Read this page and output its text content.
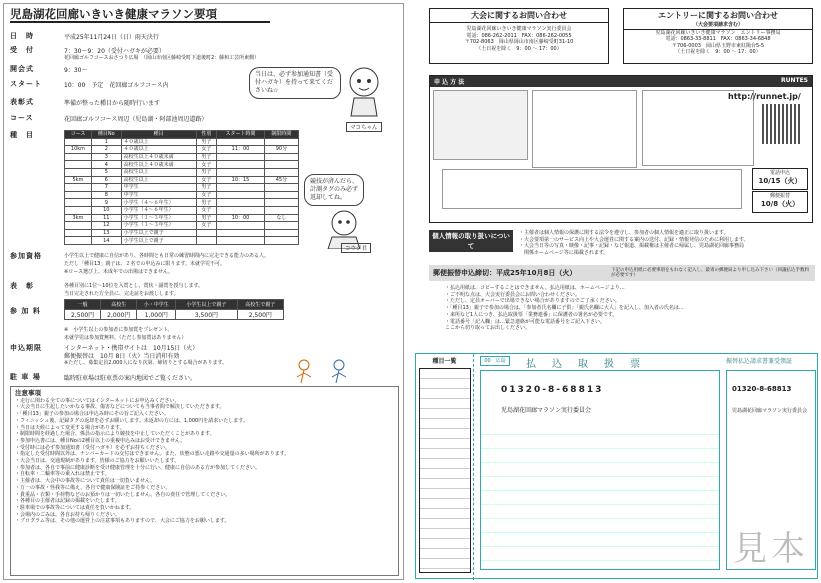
児島湖花回廊いきいき健康マラソン要項
日　時	平成25年11月24日（日）雨天決行
受　付	7：30〜9：20（受付ハガキが必要）
花回廊ゴルフコースおさつり広場　（岡山市南区藤崎受町下道後町2：藤和工芸所東側）
開会式	9：30〜
スタート	10：00　予定　花回廊ゴルフコース内
表彰式	準備が整った種目から随時行います
コース	花回廊ゴルフコース周辺（児島湖・阿部池周辺道路）
種　目
当日は、必ず参加通知書（受付ハガキ）を持って来てくださいね☆
マコちゃん
競技が済んだら、計測タグのみ必ず返却してね。
コウジ君
コース	種目No	種目	性別	スタート時間	制限時間
	1	４０歳以上	男子		
10km	2	４０歳以上	女子	11：00	90分
	3	高校生以上４０歳未満	男子		
	4	高校生以上４０歳未満	女子		
	5	高校生以上	男子		
5km	6	高校生以上	女子	10：15	45分
	7	中学生	男子		
	8	中学生	女子		
	9	小学生（４〜６年生）	男子		
	10	小学生（４〜６年生）	女子		
3km	11	小学生（１〜３年生）	男子	10：00	なし
	12	小学生（１〜３年生）	女子		
	13	小学生以上で親子			
	14	小学生以上で親子			
参加資格	小学生以上で健康に自信があり、各時間とも日常の練習時間内に完走できる能力のある人。
ただし「種目13」親子は、２名での申込みに限ります。未就学児不可。
※ロース選び上、未成年での出場はできません。
表　彰	各種目別に1位〜10位を入賞とし、賞状・副賞を授与します。
当日完走された方全員に、完走証をお渡しします。
参 加 料
一般	高校生	小・中学生	小学生以上で親子	高校生で親子
2,500円	2,000円	1,000円	3,500円	2,500円
※　小学生以上の参加者に参加賞をプレゼント。
未就学児は参加賞無料。（ただし参加賞はありません）
申込期限	インターネット・携帯サイトは　10月15日（火）
郵便振替は　10月 8日（火）当日消印有効
※ただし、募集定員2,000人になり次第、締切りとする場合があります。
駐 車 場	臨時駐車場は駐車票の案内地図でご覧ください。
注意事項
・走行に関わる全ての事についてはインターネットにお申込みください。
・大会当日に生起したいかなる事故、傷害などについても当事者間で解決していただきます。
・「種目13」親子の参加の場合は申込み時にその旨ご記入ください。
・フィニッシュ後、記録タグの返却を必ずお願いします。未返却の方には、1,000円を請求いたします。
・当日は天候によって変更する場合があります。
・制限時間を経過した場合、係員の指示により競技を中止していただくことがあります。
・参加申込書には、種目Noの2種目以上の重複申込みはお受けできません。
・受付時には必ず参加通知書（受付ハガキ）を必ずお持ちください。
・指定した受付時間以外は、ナンバーカードの交付はできません。また、状態の悪い走路や交通量の多い場所があります。
・大会当日は、交通規制があります。皆様のご協力をお願いいたします。
・参加者は、各自で事前に健康診断を受け健康管理を十分に行い、健康に自信のある方が参加してください。
・自転車・二輪車等の乗入れは禁止です。
・主催者は、大会中の事故等について責任は一切負いません。
・万一の事故・怪我等に備え、各自で健康保険証をご持参ください。
・貴重品・衣類・手荷物などのお預かりは一切いたしません。各自の責任で管理してください。
・各種目の主催者は記録の掲載をいたします。
・駐車場での事故等については責任を負いかねます。
・会場内のごみは、各自お持ち帰りください。
・プログラム等は、その他の運営上の注意事項もありますので、大会にご協力をお願いします。
大会に関するお問い合わせ
児島湖花回廊いきいき健康マラソン実行委員会
電話：086-262-2011　FAX：086-262-0055
〒702-8063　岡山県岡山市南区藤崎受町31-10
（土日祝を除く　9：00 〜 17：00）
エントリーに関するお問い合わせ
（大会要項請求含む）
児島湖花回廊いきいき健康マラソン　エントリー事務局
電話：0863-33-8811　FAX：0863-34-6848
〒706-0003　岡山県玉野市東紅陽台5-5
（土日祝を除く　9：00 〜 17：00）
申 込 方 法	RUNTES
http://runnet.jp/
電話申込
10/15（火）
郵便振替
10/8（火）
個人情報の取り扱いについて
・主催者は個人情報の保護に関する法令を遵守し、参加者の個人情報を適正に取り扱います。
・大会要項第一のサービス向上や大会運営に関する案内の送付、記録・情報発信のために利用します。
・大会当日等の写真・映像・記事・記録・など報道、掲載権は主催者に帰属し、児島湖花回廊事務局
　関係ホームページ等に掲載されます。
郵便振替申込締切：平成25年10月8日（火）	下記の申込用紙に必要事項をもれなく記入し、最寄の郵便局より申し込み下さい（回議払込手数料が必要です）
・払込用紙は、コピーすることはできません。払込用紙は、ホームページより…
・ご不明な点は、大会実行委員会にお問い合わせください。
・ただし、定員オーバーで出場できない場合がありますのでご了承ください。
・「種目13」親子で参加の場合は、「参加者氏名欄に子供」「親氏名欄に大人」を記入し、加入者の氏名は…
・来所など1人につき、払込取扱票「業務連番」に保護者の署名が必要です。
・電話番号「記入欄」は…緊急連絡が可能な電話番号をご記入下さい。
ここから切り取ってお出しください。
種目一覧	00　広島	払　込　取　扱　票
01320-8-68813
児島湖花回廊マラソン実行委員会
振替払込請求書兼受領証
01320-8-68813
児島湖花回廊マラソン実行委員会
見本
